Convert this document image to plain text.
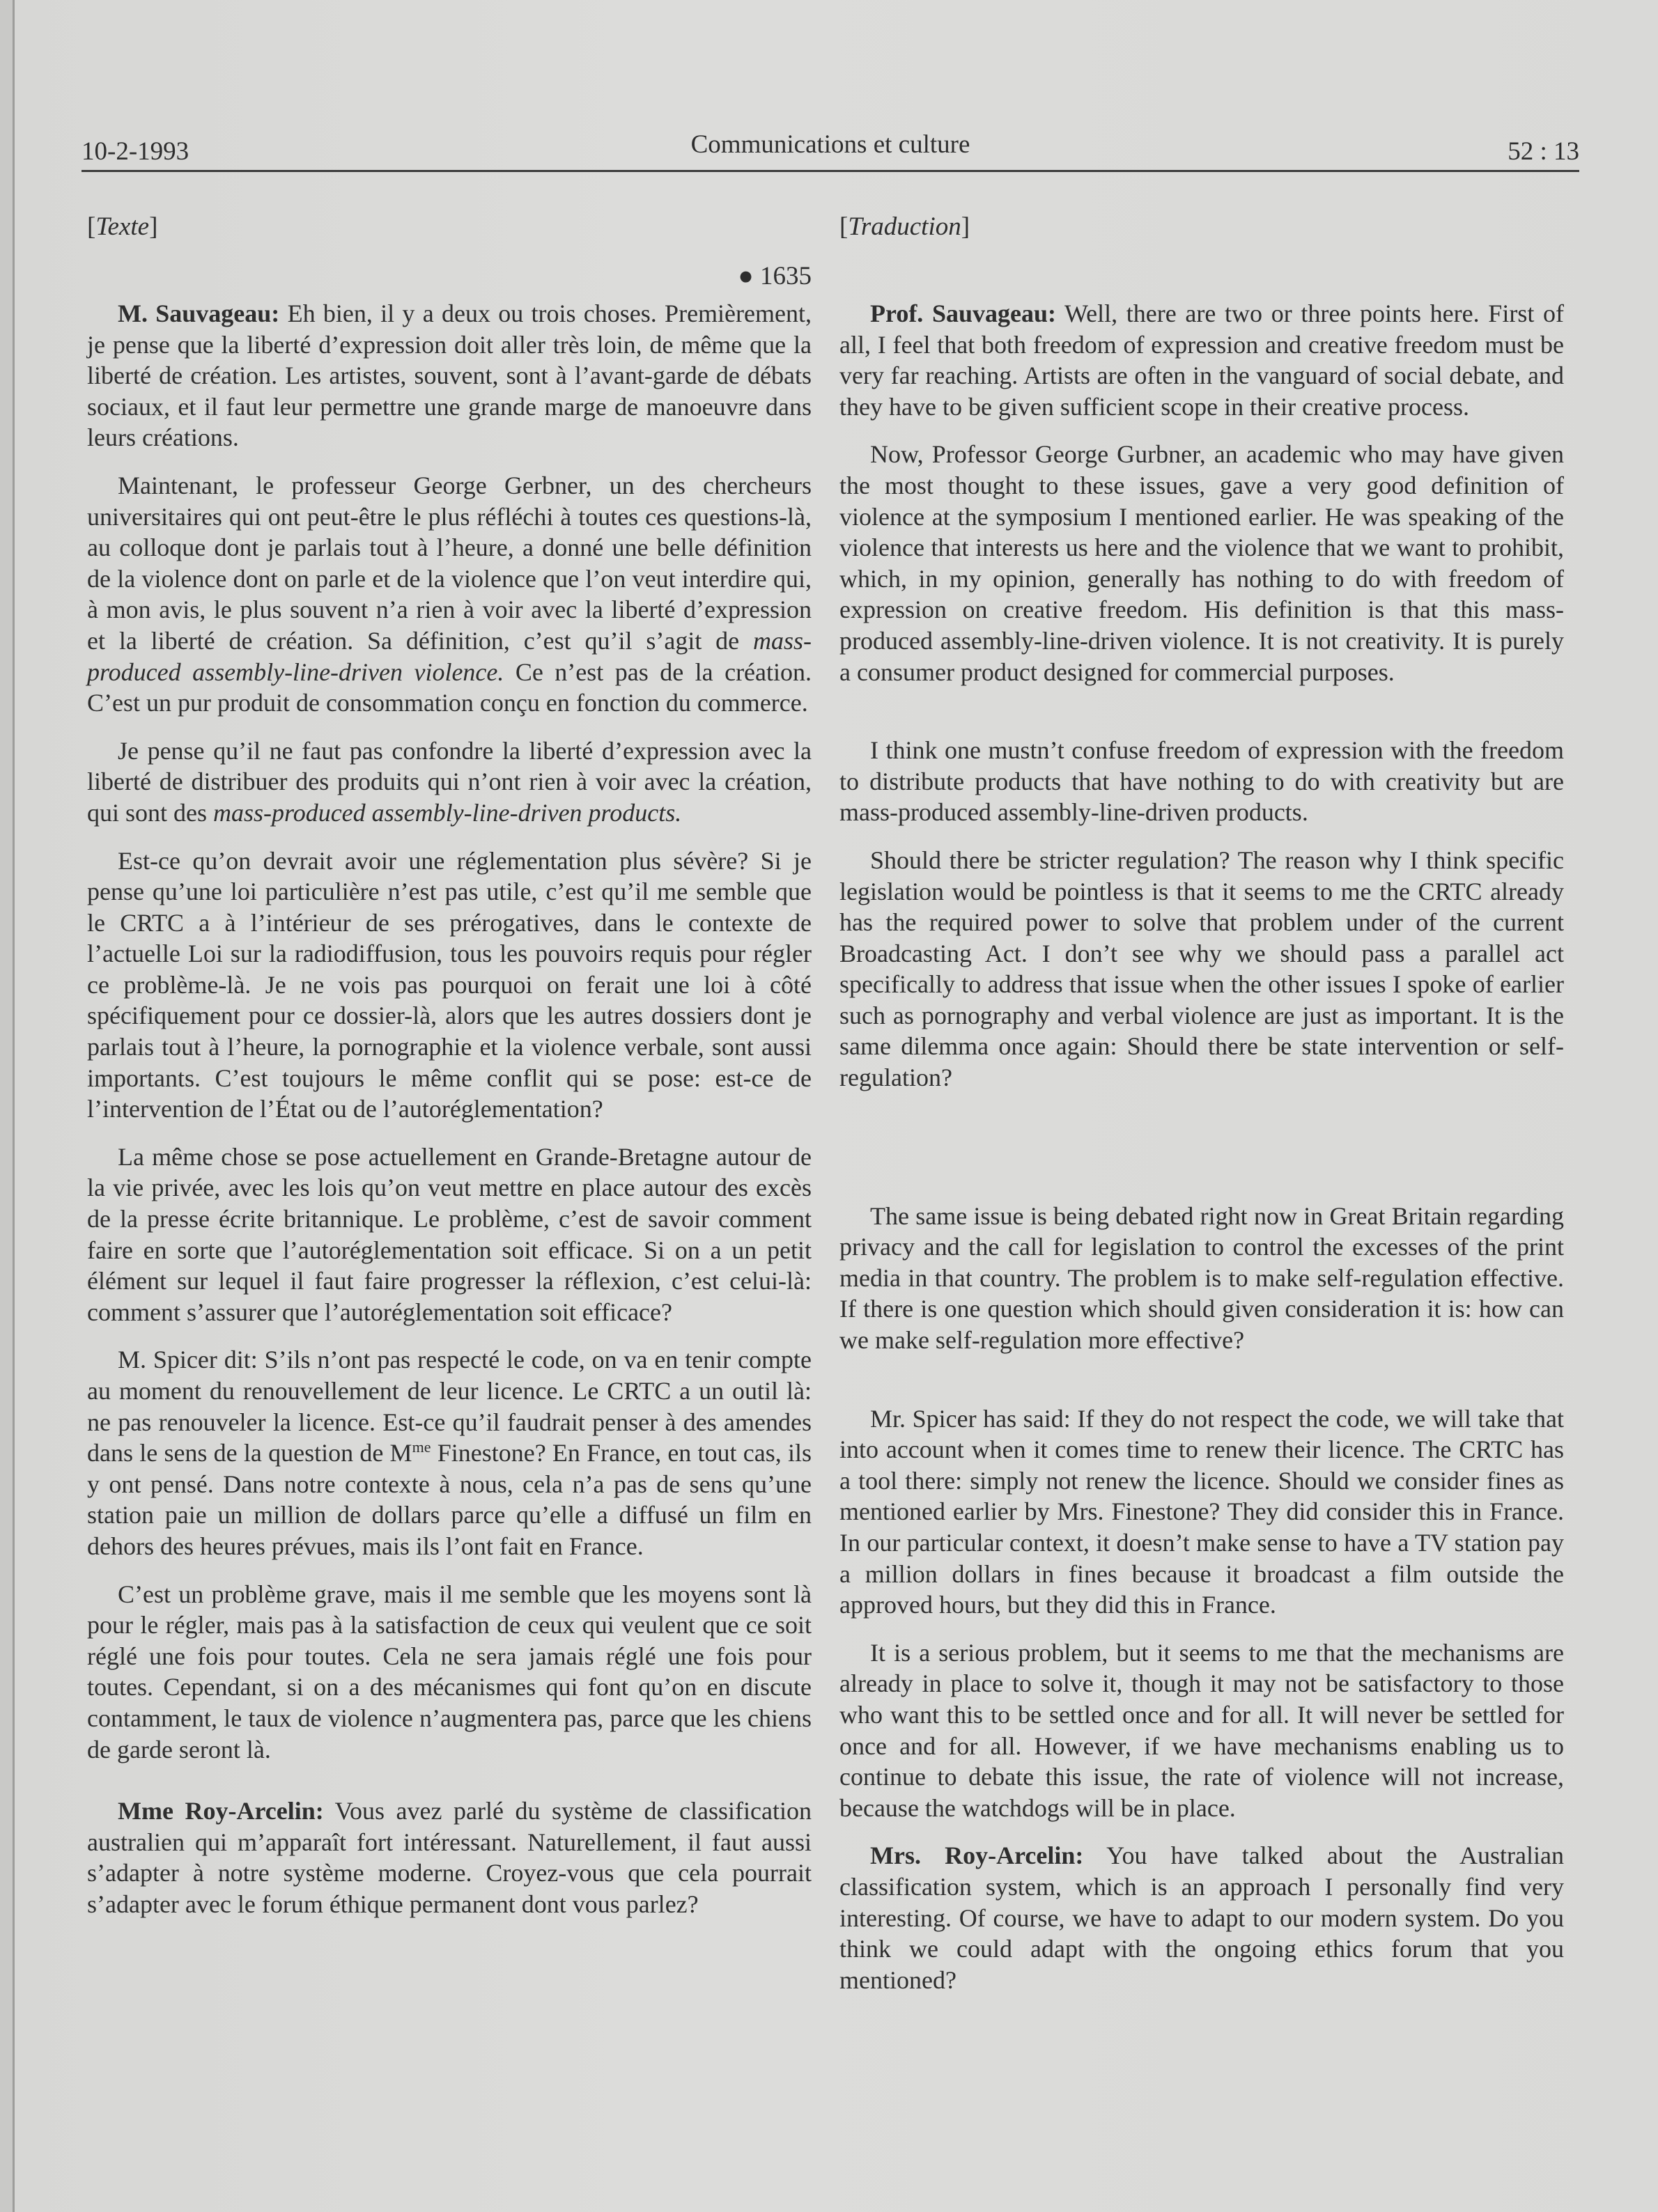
10-2-1993	Communications et culture	52 : 13
[Texte]
● 1635

M. Sauvageau: Eh bien, il y a deux ou trois choses. Premièrement, je pense que la liberté d’expression doit aller très loin, de même que la liberté de création. Les artistes, souvent, sont à l’avant-garde de débats sociaux, et il faut leur permettre une grande marge de manoeuvre dans leurs créations.

Maintenant, le professeur George Gerbner, un des chercheurs universitaires qui ont peut-être le plus réfléchi à toutes ces questions-là, au colloque dont je parlais tout à l’heure, a donné une belle définition de la violence dont on parle et de la violence que l’on veut interdire qui, à mon avis, le plus souvent n’a rien à voir avec la liberté d’expression et la liberté de création. Sa définition, c’est qu’il s’agit de mass-produced assembly-line-driven violence. Ce n’est pas de la création. C’est un pur produit de consommation conçu en fonction du commerce.

Je pense qu’il ne faut pas confondre la liberté d’expression avec la liberté de distribuer des produits qui n’ont rien à voir avec la création, qui sont des mass-produced assembly-line-driven products.

Est-ce qu’on devrait avoir une réglementation plus sévère? Si je pense qu’une loi particulière n’est pas utile, c’est qu’il me semble que le CRTC a à l’intérieur de ses prérogatives, dans le contexte de l’actuelle Loi sur la radiodiffusion, tous les pouvoirs requis pour régler ce problème-là. Je ne vois pas pourquoi on ferait une loi à côté spécifiquement pour ce dossier-là, alors que les autres dossiers dont je parlais tout à l’heure, la pornographie et la violence verbale, sont aussi importants. C’est toujours le même conflit qui se pose: est-ce de l’intervention de l’État ou de l’autoréglementation?

La même chose se pose actuellement en Grande-Bretagne autour de la vie privée, avec les lois qu’on veut mettre en place autour des excès de la presse écrite britannique. Le problème, c’est de savoir comment faire en sorte que l’autoréglementation soit efficace. Si on a un petit élément sur lequel il faut faire progresser la réflexion, c’est celui-là: comment s’assurer que l’autoréglementation soit efficace?

M. Spicer dit: S’ils n’ont pas respecté le code, on va en tenir compte au moment du renouvellement de leur licence. Le CRTC a un outil là: ne pas renouveler la licence. Est-ce qu’il faudrait penser à des amendes dans le sens de la question de $M^{me}$ Finestone? En France, en tout cas, ils y ont pensé. Dans notre contexte à nous, cela n’a pas de sens qu’une station paie un million de dollars parce qu’elle a diffusé un film en dehors des heures prévues, mais ils l’ont fait en France.

C’est un problème grave, mais il me semble que les moyens sont là pour le régler, mais pas à la satisfaction de ceux qui veulent que ce soit réglé une fois pour toutes. Cela ne sera jamais réglé une fois pour toutes. Cependant, si on a des mécanismes qui font qu’on en discute contamment, le taux de violence n’augmentera pas, parce que les chiens de garde seront là.

Mme Roy-Arcelin: Vous avez parlé du système de classification australien qui m’apparaît fort intéressant. Naturellement, il faut aussi s’adapter à notre système moderne. Croyez-vous que cela pourrait s’adapter avec le forum éthique permanent dont vous parlez?

[Traduction]

Prof. Sauvageau: Well, there are two or three points here. First of all, I feel that both freedom of expression and creative freedom must be very far reaching. Artists are often in the vanguard of social debate, and they have to be given sufficient scope in their creative process.

Now, Professor George Gurbner, an academic who may have given the most thought to these issues, gave a very good definition of violence at the symposium I mentioned earlier. He was speaking of the violence that interests us here and the violence that we want to prohibit, which, in my opinion, generally has nothing to do with freedom of expression on creative freedom. His definition is that this mass-produced assembly-line-driven violence. It is not creativity. It is purely a consumer product designed for commercial purposes.

I think one mustn’t confuse freedom of expression with the freedom to distribute products that have nothing to do with creativity but are mass-produced assembly-line-driven products.

Should there be stricter regulation? The reason why I think specific legislation would be pointless is that it seems to me the CRTC already has the required power to solve that problem under of the current Broadcasting Act. I don’t see why we should pass a parallel act specifically to address that issue when the other issues I spoke of earlier such as pornography and verbal violence are just as important. It is the same dilemma once again: Should there be state intervention or self-regulation?

The same issue is being debated right now in Great Britain regarding privacy and the call for legislation to control the excesses of the print media in that country. The problem is to make self-regulation effective. If there is one question which should given consideration it is: how can we make self-regulation more effective?

Mr. Spicer has said: If they do not respect the code, we will take that into account when it comes time to renew their licence. The CRTC has a tool there: simply not renew the licence. Should we consider fines as mentioned earlier by Mrs. Finestone? They did consider this in France. In our particular context, it doesn’t make sense to have a TV station pay a million dollars in fines because it broadcast a film outside the approved hours, but they did this in France.

It is a serious problem, but it seems to me that the mechanisms are already in place to solve it, though it may not be satisfactory to those who want this to be settled once and for all. It will never be settled for once and for all. However, if we have mechanisms enabling us to continue to debate this issue, the rate of violence will not increase, because the watchdogs will be in place.

Mrs. Roy-Arcelin: You have talked about the Australian classification system, which is an approach I personally find very interesting. Of course, we have to adapt to our modern system. Do you think we could adapt with the ongoing ethics forum that you mentioned?
